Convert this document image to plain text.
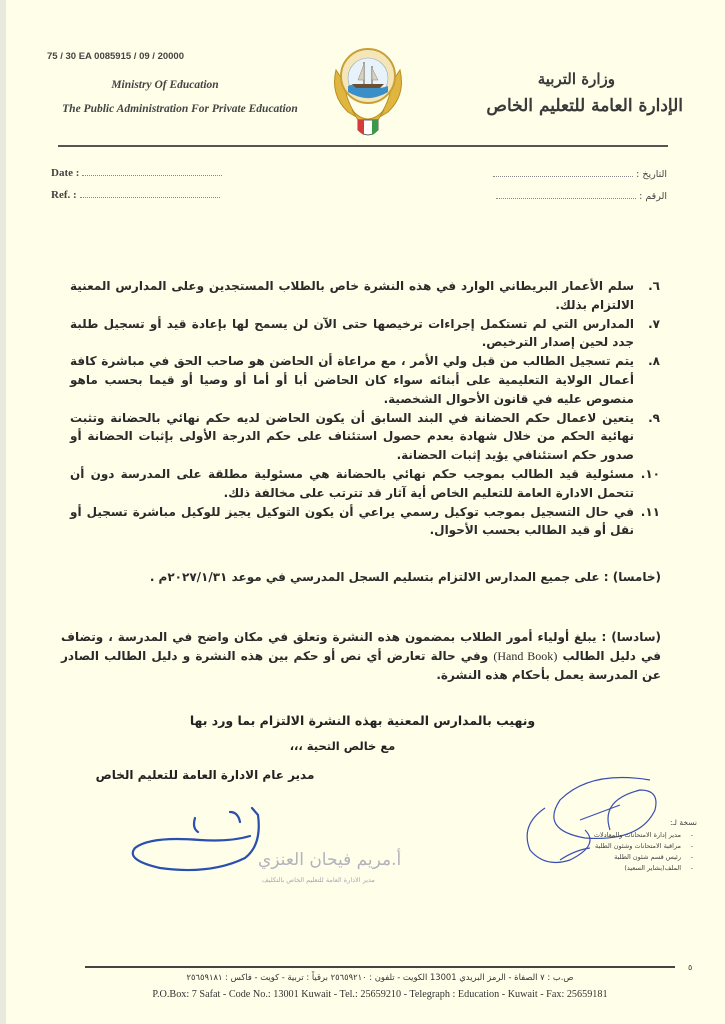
75 / 30 EA 0085915 / 09 / 20000
Ministry Of Education
The Public Administration For Private Education
وزارة التربية
الإدارة العامة للتعليم الخاص
Date :
Ref. :
التاريخ :
الرقم :
٦.
سلم الأعمار البريطاني الوارد في هذه النشرة خاص بالطلاب المستجدين وعلى المدارس المعنية الالتزام بذلك.
٧.
المدارس التي لم تستكمل إجراءات ترخيصها حتى الآن لن يسمح لها بإعادة قيد أو تسجيل طلبة جدد لحين إصدار الترخيص.
٨.
يتم تسجيل الطالب من قبل ولي الأمر ، مع مراعاة أن الحاضن هو صاحب الحق في مباشرة كافة أعمال الولاية التعليمية على أبنائه سواء كان الحاضن أبا أو أما أو وصيا أو قيما بحسب ماهو منصوص عليه في قانون الأحوال الشخصية.
٩.
يتعين لاعمال حكم الحضانة في البند السابق أن يكون الحاضن لديه حكم نهائي بالحضانة وتثبت نهائية الحكم من خلال شهادة بعدم حصول استئناف على حكم الدرجة الأولى بإثبات الحضانة أو صدور حكم استئنافي يؤيد إثبات الحضانة.
١٠.
مسئولية قيد الطالب بموجب حكم نهائي بالحضانة هي مسئولية مطلقة على المدرسة دون أن تتحمل الادارة العامة للتعليم الخاص أية آثار قد تترتب على مخالفة ذلك.
١١.
في حال التسجيل بموجب توكيل رسمي يراعي أن يكون التوكيل يجيز للوكيل مباشرة تسجيل أو نقل أو قيد الطالب بحسب الأحوال.
(خامسا) : على جميع المدارس الالتزام بتسليم السجل المدرسي في موعد ٢٠٢٧/١/٣١م .
(سادسا) : يبلغ أولياء أمور الطلاب بمضمون هذه النشرة وتعلق في مكان واضح في المدرسة ، وتضاف في دليل الطالب (Hand Book) وفي حالة تعارض أي نص أو حكم بين هذه النشرة و دليل الطالب الصادر عن المدرسة يعمل بأحكام هذه النشرة.
ونهيب بالمدارس المعنية بهذه النشرة الالتزام بما ورد بها
مع خالص التحية ،،،
مدير عام الادارة العامة للتعليم الخاص
أ.مريم فيحان العنزي
مدير الادارة العامة للتعليم الخاص بالتكليف
نسخة لـ:
مدير إدارة الامتحانات والمعادلات -
مراقبة الامتحانات وشئون الطلبة -
رئيس قسم شئون الطلبة -
الملف(بشاير السعيد) -
٥
ص.ب : ٧ الصفاة - الرمز البريدي 13001 الكويت - تلفون : ٢٥٦٥٩٢١٠ برقياً : تربية - كويت - فاكس : ٢٥٦٥٩١٨١
P.O.Box: 7 Safat - Code No.: 13001 Kuwait - Tel.: 25659210 - Telegraph : Education - Kuwait - Fax: 25659181
